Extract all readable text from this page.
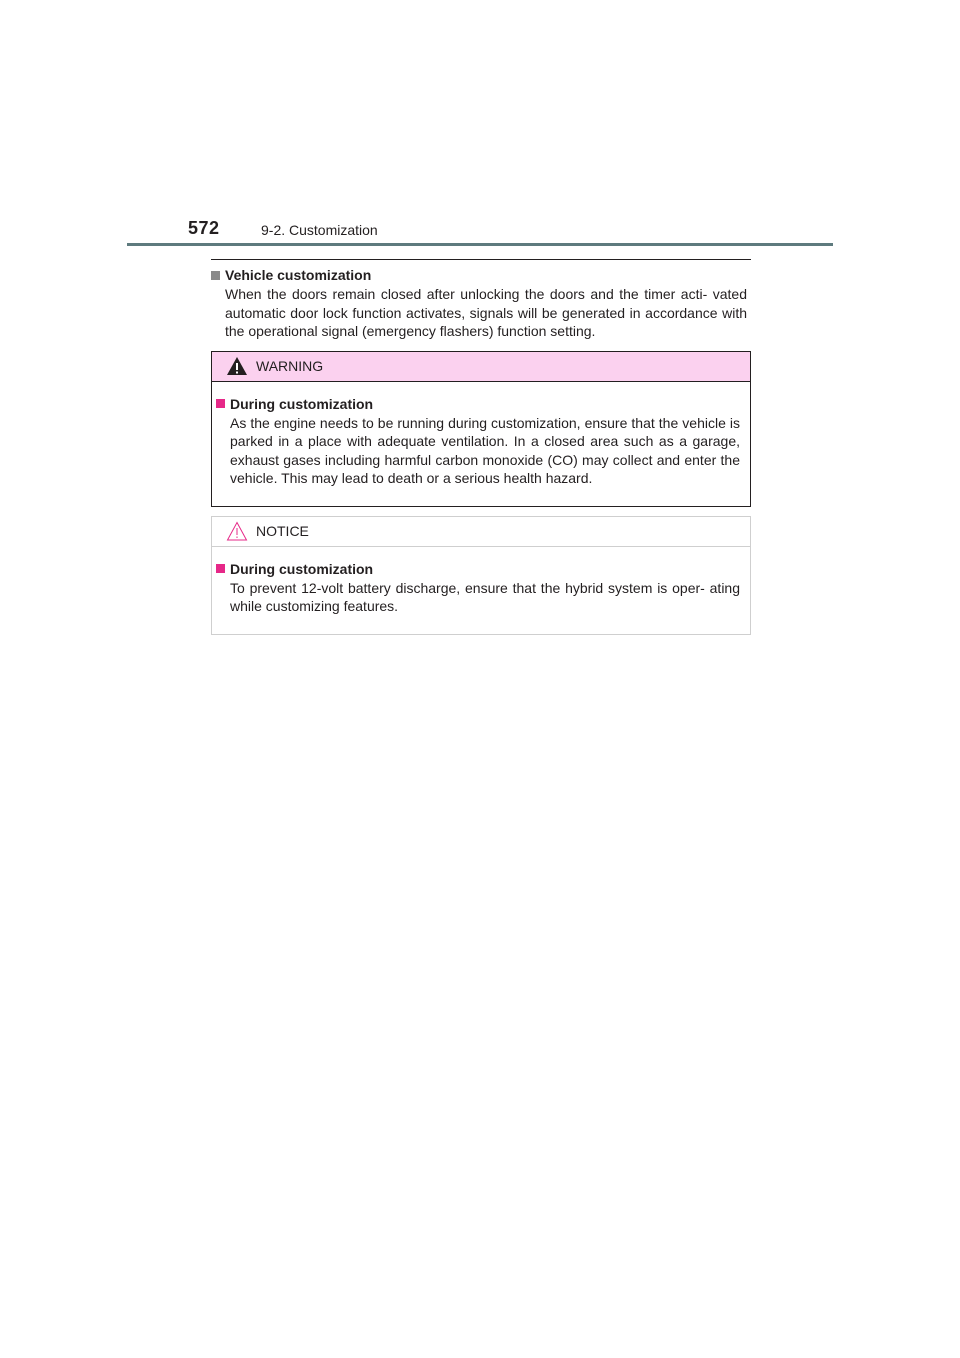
572	9-2. Customization
Vehicle customization

When the doors remain closed after unlocking the doors and the timer acti- vated automatic door lock function activates, signals will be generated in accordance with the operational signal (emergency flashers) function setting.

WARNING
During customization

As the engine needs to be running during customization, ensure that the vehicle is parked in a place with adequate ventilation. In a closed area such as a garage, exhaust gases including harmful carbon monoxide (CO) may collect and enter the vehicle. This may lead to death or a serious health hazard.

NOTICE
During customization

To prevent 12-volt battery discharge, ensure that the hybrid system is oper- ating while customizing features.
